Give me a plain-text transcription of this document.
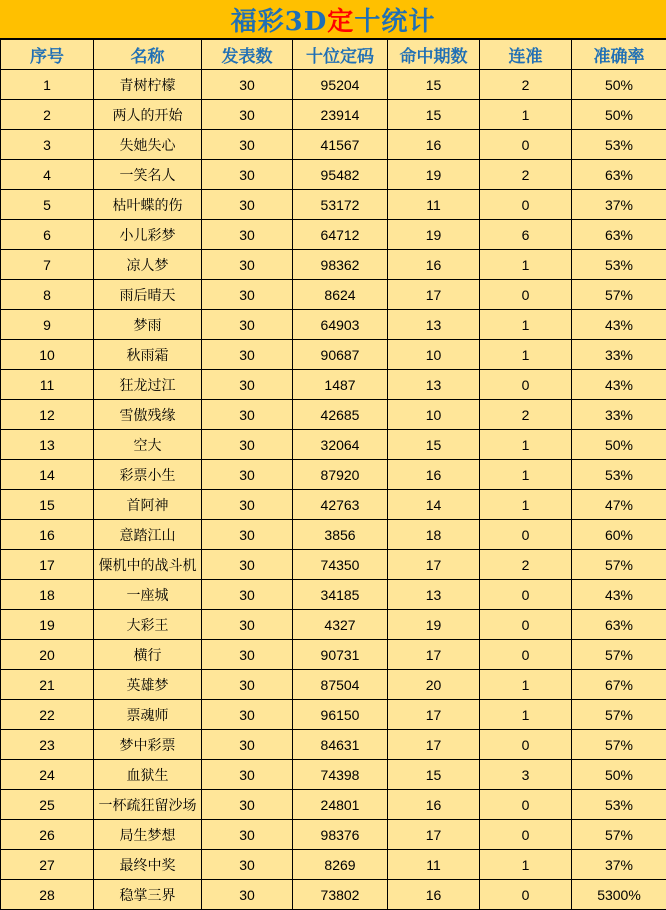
福彩3D 定 十统计
序号	名称	发表数	十位定码	命中期数	连准	准确率
1	青树柠檬	30	95204	15	2	50%
2	两人的开始	30	23914	15	1	50%
3	失她失心	30	41567	16	0	53%
4	一笑名人	30	95482	19	2	63%
5	枯叶蝶的伤	30	53172	11	0	37%
6	小儿彩梦	30	64712	19	6	63%
7	凉人梦	30	98362	16	1	53%
8	雨后晴天	30	8624	17	0	57%
9	梦雨	30	64903	13	1	43%
10	秋雨霜	30	90687	10	1	33%
11	狂龙过江	30	1487	13	0	43%
12	雪傲残缘	30	42685	10	2	33%
13	空大	30	32064	15	1	50%
14	彩票小生	30	87920	16	1	53%
15	首阿神	30	42763	14	1	47%
16	意踏江山	30	3856	18	0	60%
17	傈机中的战斗机	30	74350	17	2	57%
18	一座城	30	34185	13	0	43%
19	大彩王	30	4327	19	0	63%
20	横行	30	90731	17	0	57%
21	英雄梦	30	87504	20	1	67%
22	票魂师	30	96150	17	1	57%
23	梦中彩票	30	84631	17	0	57%
24	血狱生	30	74398	15	3	50%
25	一杯疏狂留沙场	30	24801	16	0	53%
26	局生梦想	30	98376	17	0	57%
27	最终中奖	30	8269	11	1	37%
28	稳掌三界	30	73802	16	0	5300%
